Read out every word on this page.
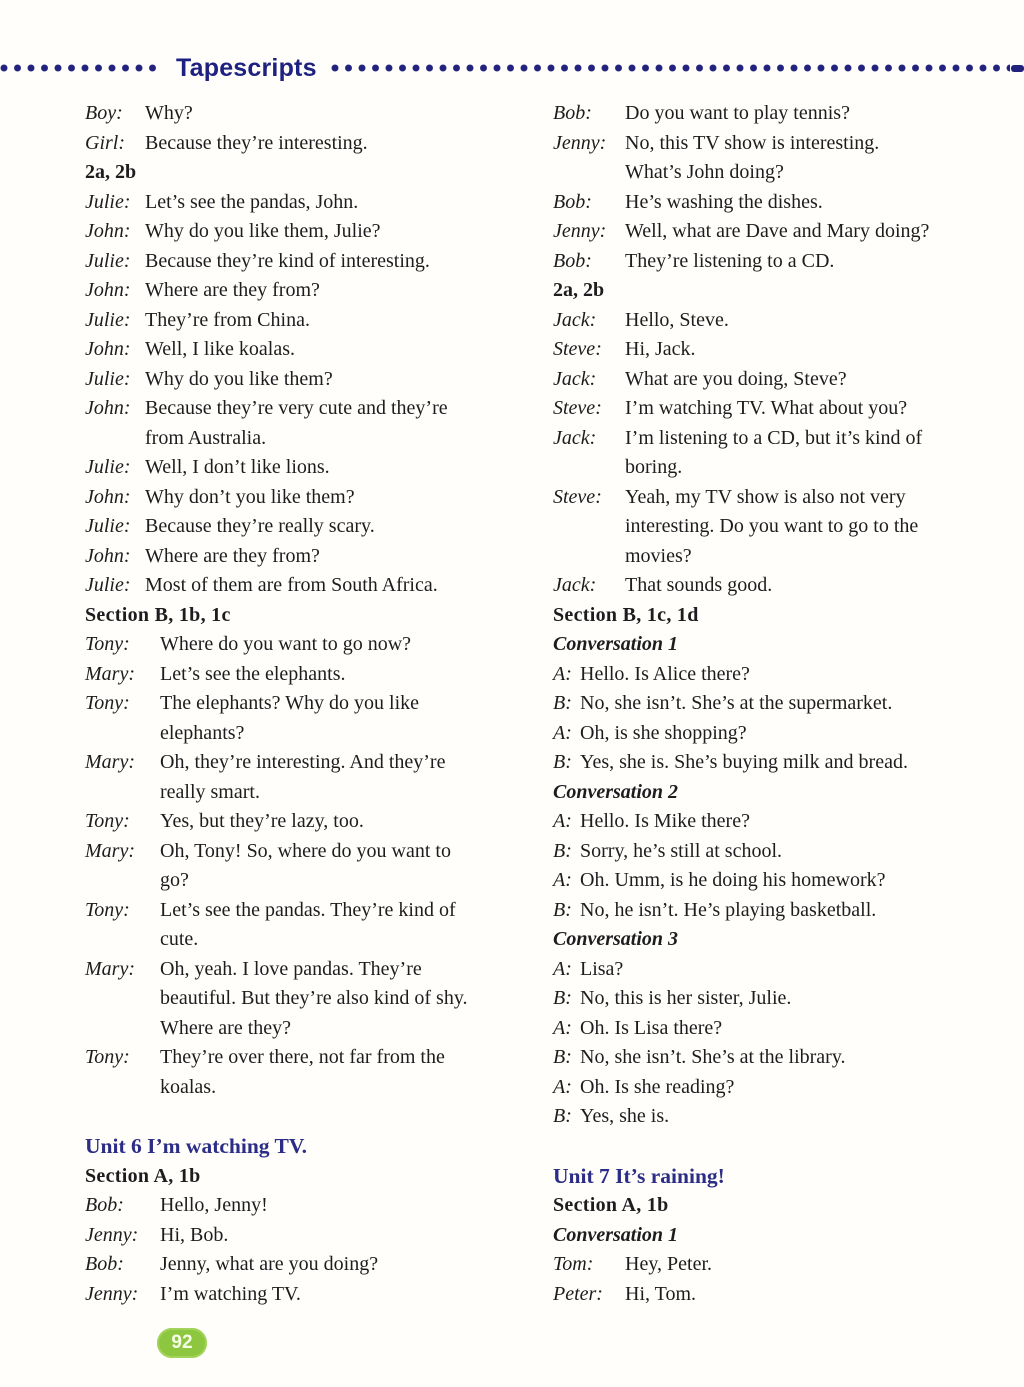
Tapescripts
Boy:	Why?
Girl:	Because they’re interesting.
2a, 2b
Julie: Let’s see the pandas, John.
John: Why do you like them, Julie?
Julie: Because they’re kind of interesting.
John: Where are they from?
Julie: They’re from China.
John: Well, I like koalas.
Julie: Why do you like them?
John: Because they’re very cute and they’re
from Australia.
Julie: Well, I don’t like lions.
John: Why don’t you like them?
Julie: Because they’re really scary.
John: Where are they from?
Julie: Most of them are from South Africa.
Section B, 1b, 1c
Tony:	Where do you want to go now?
Mary:	Let’s see the elephants.
Tony:	The elephants? Why do you like
elephants?
Mary:	Oh, they’re interesting. And they’re
really smart.
Tony:	Yes, but they’re lazy, too.
Mary:	Oh, Tony! So, where do you want to
go?
Tony:	Let’s see the pandas. They’re kind of
cute.
Mary:	Oh, yeah. I love pandas. They’re
beautiful. But they’re also kind of shy.
Where are they?
Tony:	They’re over there, not far from the
koalas.
Unit 6 I’m watching TV.
Section A, 1b
Bob:	Hello, Jenny!
Jenny:	Hi, Bob.
Bob:	Jenny, what are you doing?
Jenny:	I’m watching TV.
Bob:	Do you want to play tennis?
Jenny: No, this TV show is interesting.
What’s John doing?
Bob:	He’s washing the dishes.
Jenny: Well, what are Dave and Mary doing?
Bob:	They’re listening to a CD.
2a, 2b
Jack:	Hello, Steve.
Steve:	Hi, Jack.
Jack:	What are you doing, Steve?
Steve:	I’m watching TV. What about you?
Jack:	I’m listening to a CD, but it’s kind of
boring.
Steve:	Yeah, my TV show is also not very
interesting. Do you want to go to the
movies?
Jack:	That sounds good.
Section B, 1c, 1d
Conversation 1
A: Hello. Is Alice there?
B: No, she isn’t. She’s at the supermarket.
A: Oh, is she shopping?
B: Yes, she is. She’s buying milk and bread.
Conversation 2
A: Hello. Is Mike there?
B: Sorry, he’s still at school.
A: Oh. Umm, is he doing his homework?
B: No, he isn’t. He’s playing basketball.
Conversation 3
A: Lisa?
B: No, this is her sister, Julie.
A: Oh. Is Lisa there?
B: No, she isn’t. She’s at the library.
A: Oh. Is she reading?
B: Yes, she is.
Unit 7 It’s raining!
Section A, 1b
Conversation 1
Tom:	Hey, Peter.
Peter:	Hi, Tom.
92
